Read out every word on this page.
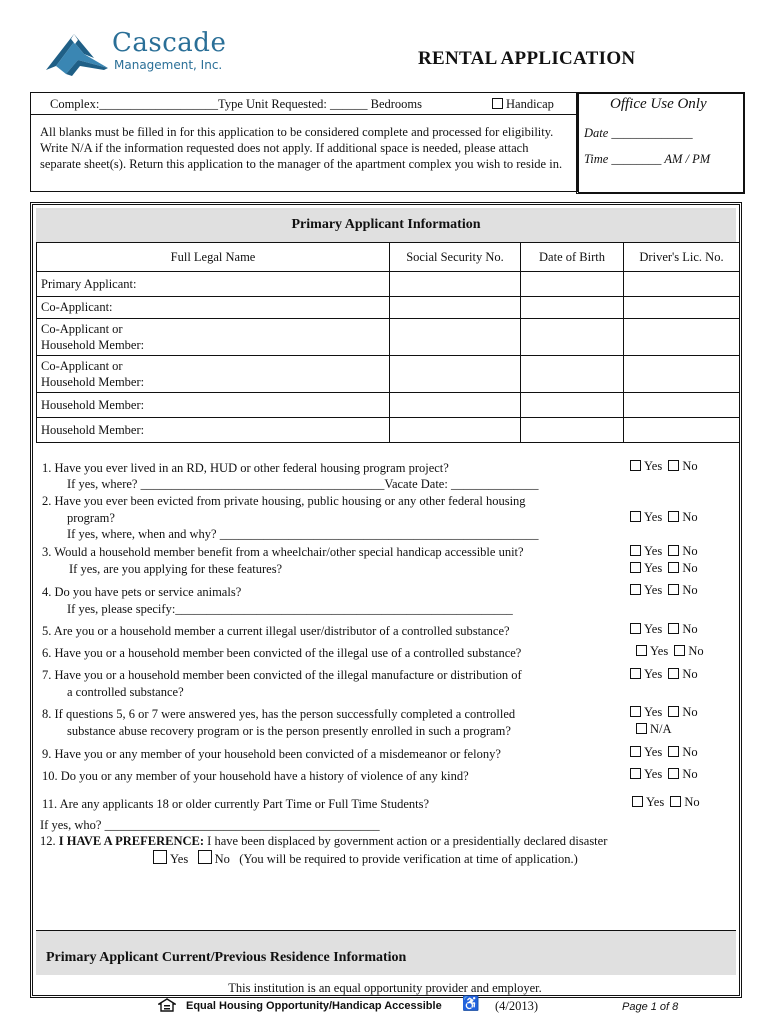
Cascade
Management, Inc.	RENTAL APPLICATION
Complex:___________________Type Unit Requested: ______ Bedrooms	Handicap
All blanks must be filled in for this application to be considered complete and processed for eligibility. Write N/A if the information requested does not apply. If additional space is needed, please attach separate sheet(s). Return this application to the manager of the apartment complex you wish to reside in.
Office Use Only
Date _____________
Time ________ AM / PM
Primary Applicant Information
Full Legal Name	Social Security No.	Date of Birth	Driver's Lic. No.
Primary Applicant:			
Co-Applicant:			
Co-Applicant or
Household Member:			
Co-Applicant or
Household Member:			
Household Member:			
Household Member:			
1. Have you ever lived in an RD, HUD or other federal housing program project?
If yes, where? _______________________________________Vacate Date: ______________
Yes No
2. Have you ever been evicted from private housing, public housing or any other federal housing
program?
If yes, where, when and why? ___________________________________________________
Yes No
3. Would a household member benefit from a wheelchair/other special handicap accessible unit?
If yes, are you applying for these features?
Yes No
Yes No
4. Do you have pets or service animals?
If yes, please specify:______________________________________________________
Yes No
5. Are you or a household member a current illegal user/distributor of a controlled substance?	Yes No
6. Have you or a household member been convicted of the illegal use of a controlled substance?	Yes No
7. Have you or a household member been convicted of the illegal manufacture or distribution of
a controlled substance?
Yes No
8. If questions 5, 6 or 7 were answered yes, has the person successfully completed a controlled
substance abuse recovery program or is the person presently enrolled in such a program?
Yes No
N/A
9. Have you or any member of your household been convicted of a misdemeanor or felony?	Yes No
10. Do you or any member of your household have a history of violence of any kind?	Yes No
11. Are any applicants 18 or older currently Part Time or Full Time Students?	Yes No
If yes, who? ____________________________________________
12. I HAVE A PREFERENCE: I have been displaced by government action or a presidentially declared disaster
Yes No (You will be required to provide verification at time of application.)
Primary Applicant Current/Previous Residence Information
This institution is an equal opportunity provider and employer.
Equal Housing Opportunity/Handicap Accessible ♿ (4/2013)	Page 1 of 8
